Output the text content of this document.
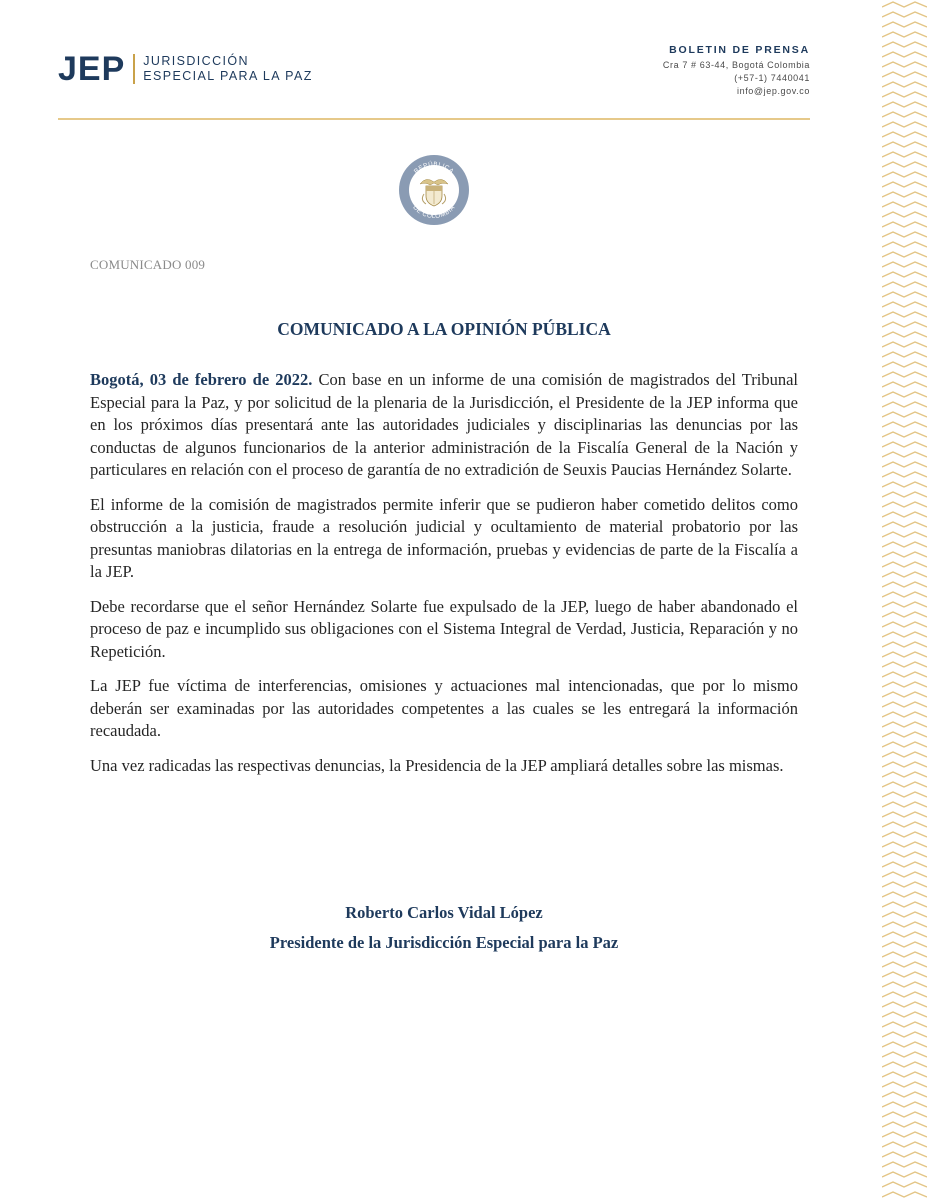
JEP JURISDICCIÓN
ESPECIAL PARA LA PAZ
BOLETIN DE PRENSA
Cra 7 # 63-44, Bogotá Colombia
(+57-1) 7440041
info@jep.gov.co
REPÚBLICA
DE COLOMBIA
COMUNICADO 009
COMUNICADO A LA OPINIÓN PÚBLICA

Bogotá, 03 de febrero de 2022. Con base en un informe de una comisión de magistrados del Tribunal Especial para la Paz, y por solicitud de la plenaria de la Jurisdicción, el Presidente de la JEP informa que en los próximos días presentará ante las autoridades judiciales y disciplinarias las denuncias por las conductas de algunos funcionarios de la anterior administración de la Fiscalía General de la Nación y particulares en relación con el proceso de garantía de no extradición de Seuxis Paucias Hernández Solarte.

El informe de la comisión de magistrados permite inferir que se pudieron haber cometido delitos como obstrucción a la justicia, fraude a resolución judicial y ocultamiento de material probatorio por las presuntas maniobras dilatorias en la entrega de información, pruebas y evidencias de parte de la Fiscalía a la JEP.

Debe recordarse que el señor Hernández Solarte fue expulsado de la JEP, luego de haber abandonado el proceso de paz e incumplido sus obligaciones con el Sistema Integral de Verdad, Justicia, Reparación y no Repetición.

La JEP fue víctima de interferencias, omisiones y actuaciones mal intencionadas, que por lo mismo deberán ser examinadas por las autoridades competentes a las cuales se les entregará la información recaudada.

Una vez radicadas las respectivas denuncias, la Presidencia de la JEP ampliará detalles sobre las mismas.

Roberto Carlos Vidal López
Presidente de la Jurisdicción Especial para la Paz
